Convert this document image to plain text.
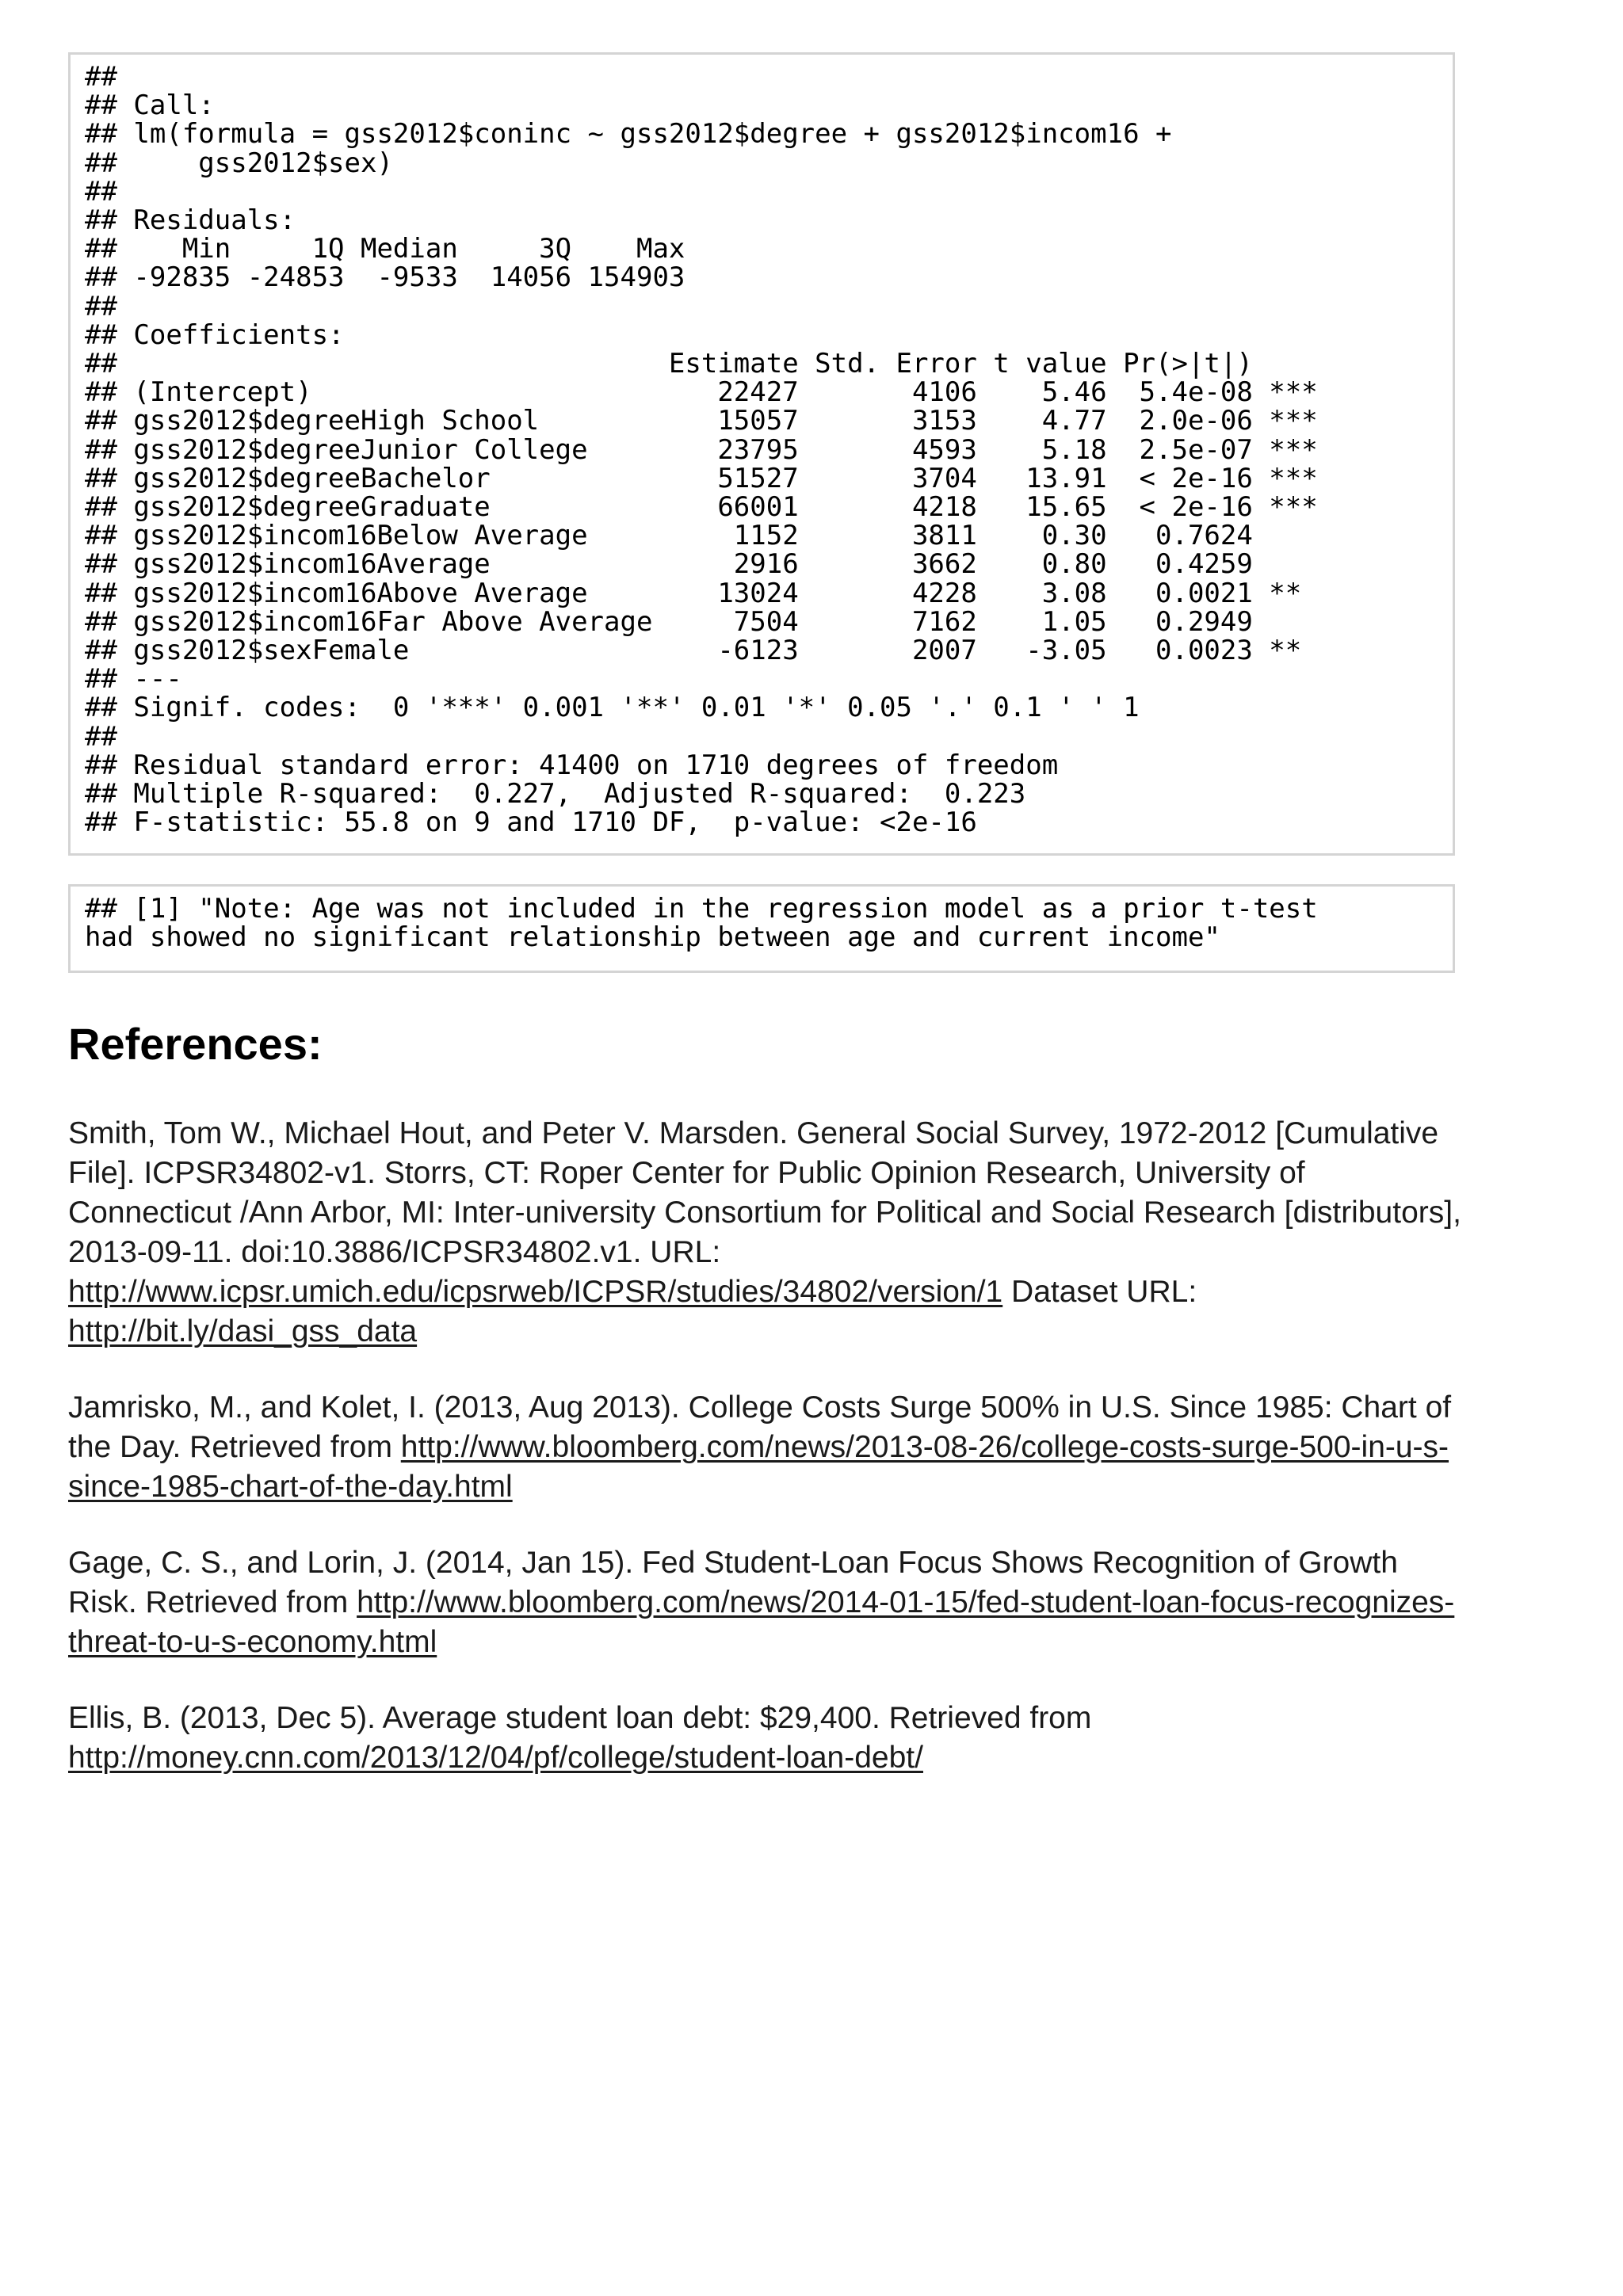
##
## Call:
## lm(formula = gss2012$coninc ~ gss2012$degree + gss2012$incom16 +
##     gss2012$sex)
##
## Residuals:
##    Min     1Q Median     3Q    Max
## -92835 -24853  -9533  14056 154903
##
## Coefficients:
##                                  Estimate Std. Error t value Pr(>|t|)
## (Intercept)                         22427       4106    5.46  5.4e-08 ***
## gss2012$degreeHigh School           15057       3153    4.77  2.0e-06 ***
## gss2012$degreeJunior College        23795       4593    5.18  2.5e-07 ***
## gss2012$degreeBachelor              51527       3704   13.91  < 2e-16 ***
## gss2012$degreeGraduate              66001       4218   15.65  < 2e-16 ***
## gss2012$incom16Below Average         1152       3811    0.30   0.7624
## gss2012$incom16Average               2916       3662    0.80   0.4259
## gss2012$incom16Above Average        13024       4228    3.08   0.0021 **
## gss2012$incom16Far Above Average     7504       7162    1.05   0.2949
## gss2012$sexFemale                   -6123       2007   -3.05   0.0023 **
## ---
## Signif. codes:  0 '***' 0.001 '**' 0.01 '*' 0.05 '.' 0.1 ' ' 1
##
## Residual standard error: 41400 on 1710 degrees of freedom
## Multiple R-squared:  0.227,  Adjusted R-squared:  0.223
## F-statistic: 55.8 on 9 and 1710 DF,  p-value: <2e-16
## [1] "Note: Age was not included in the regression model as a prior t-test
had showed no significant relationship between age and current income"
References:

Smith, Tom W., Michael Hout, and Peter V. Marsden. General Social Survey, 1972-2012 [Cumulative File]. ICPSR34802-v1. Storrs, CT: Roper Center for Public Opinion Research, University of Connecticut /Ann Arbor, MI: Inter-university Consortium for Political and Social Research [distributors], 2013-09-11. doi:10.3886/ICPSR34802.v1. URL: http://www.icpsr.umich.edu/icpsrweb/ICPSR/studies/34802/version/1 Dataset URL: http://bit.ly/dasi_gss_data

Jamrisko, M., and Kolet, I. (2013, Aug 2013). College Costs Surge 500% in U.S. Since 1985: Chart of the Day. Retrieved from http://www.bloomberg.com/news/2013-08-26/college-costs-surge-500-in-u-s-since-1985-chart-of-the-day.html

Gage, C. S., and Lorin, J. (2014, Jan 15). Fed Student-Loan Focus Shows Recognition of Growth Risk. Retrieved from http://www.bloomberg.com/news/2014-01-15/fed-student-loan-focus-recognizes-threat-to-u-s-economy.html

Ellis, B. (2013, Dec 5). Average student loan debt: $29,400. Retrieved from http://money.cnn.com/2013/12/04/pf/college/student-loan-debt/
